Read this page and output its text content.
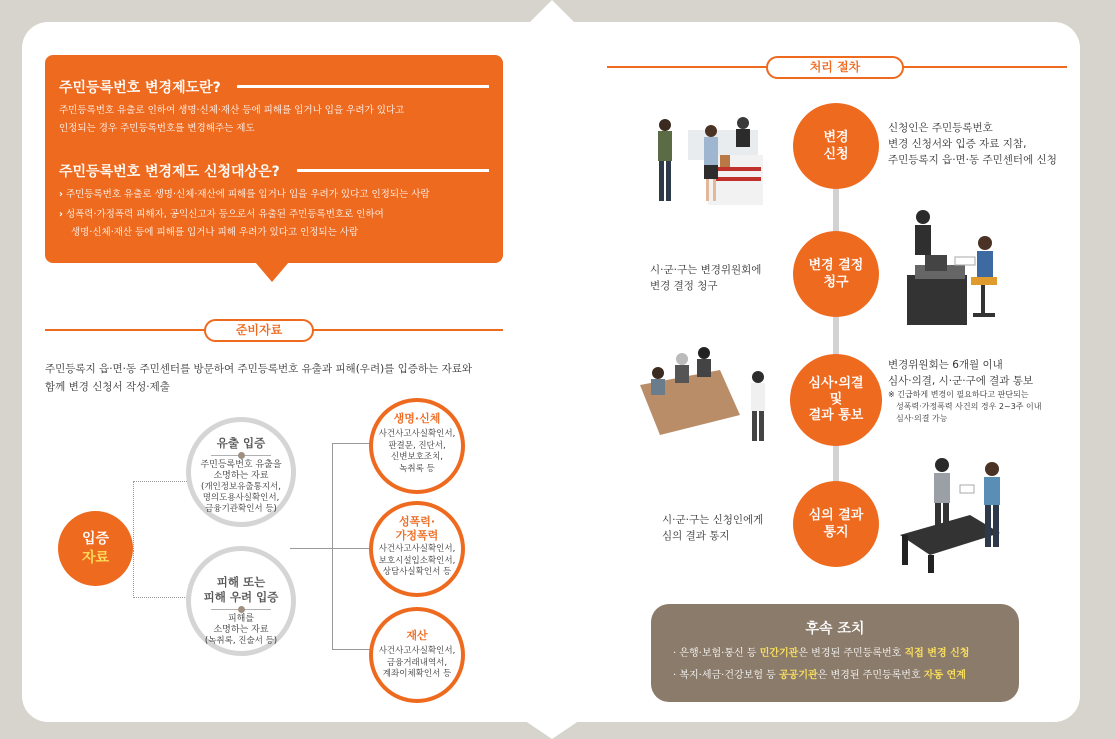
주민등록번호 변경제도란?
주민등록번호 유출로 인하여 생명·신체·재산 등에 피해를 입거나 입을 우려가 있다고
인정되는 경우 주민등록번호를 변경해주는 제도
주민등록번호 변경제도 신청대상은?
› 주민등록번호 유출로 생명·신체·재산에 피해를 입거나 입을 우려가 있다고 인정되는 사람
› 성폭력·가정폭력 피해자, 공익신고자 등으로서 유출된 주민등록번호로 인하여
생명·신체·재산 등에 피해를 입거나 피해 우려가 있다고 인정되는 사람
준비자료
주민등록지 읍·면·동 주민센터를 방문하여 주민등록번호 유출과 피해(우려)를 입증하는 자료와
함께 변경 신청서 작성·제출
입증
자료
유출 입증
주민등록번호 유출을
소명하는 자료
(개인정보유출통지서,
명의도용사실확인서,
금융기관확인서 등)
피해 또는
피해 우려 입증
피해를
소명하는 자료
(녹취록, 진술서 등)
생명·신체
사건사고사실확인서,
판결문, 진단서,
신변보호조치,
녹취록 등
성폭력·
가정폭력
사건사고사실확인서,
보호시설입소확인서,
상담사실확인서 등
재산
사건사고사실확인서,
금융거래내역서,
계좌이체확인서 등
처리 절차
변경
신청
신청인은 주민등록번호
변경 신청서와 입증 자료 지참,
주민등록지 읍·면·동 주민센터에 신청
변경 결정
청구
시·군·구는 변경위원회에
변경 결정 청구
심사·의결
및
결과 통보
변경위원회는 6개월 이내
심사·의결, 시·군·구에 결과 통보
※ 긴급하게 변경이 필요하다고 판단되는
성폭력·가정폭력 사건의 경우 2~3주 이내
심사·의결 가능
심의 결과
통지
시·군·구는 신청인에게
심의 결과 통지
후속 조치
· 은행·보험·통신 등 민간기관은 변경된 주민등록번호 직접 변경 신청
· 복지·세금·건강보험 등 공공기관은 변경된 주민등록번호 자동 연계
